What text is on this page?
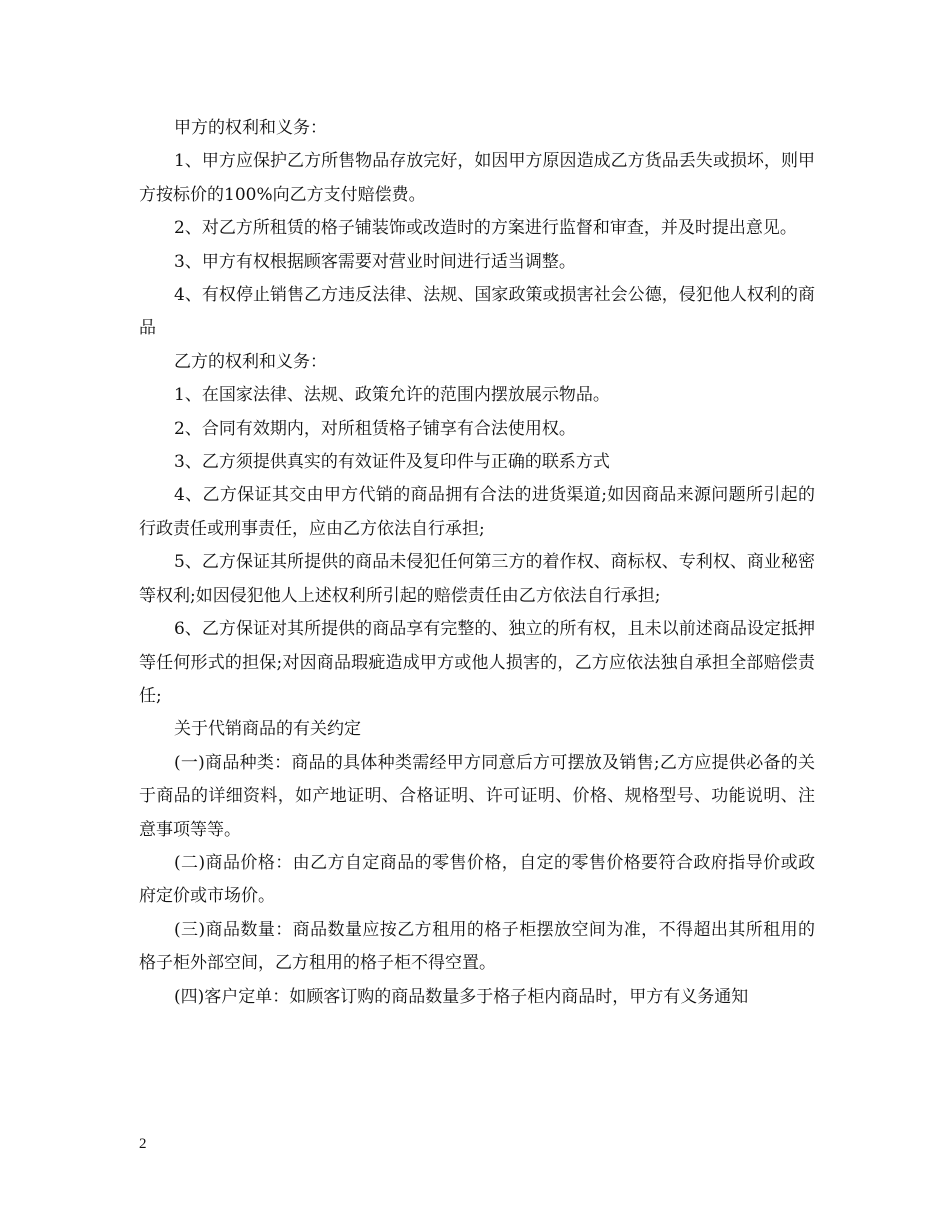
甲方的权利和义务：

1、甲方应保护乙方所售物品存放完好，如因甲方原因造成乙方货品丢失或损坏，则甲方按标价的100%向乙方支付赔偿费。

2、对乙方所租赁的格子铺装饰或改造时的方案进行监督和审查，并及时提出意见。

3、甲方有权根据顾客需要对营业时间进行适当调整。

4、有权停止销售乙方违反法律、法规、国家政策或损害社会公德，侵犯他人权利的商品

乙方的权利和义务：

1、在国家法律、法规、政策允许的范围内摆放展示物品。

2、合同有效期内，对所租赁格子铺享有合法使用权。

3、乙方须提供真实的有效证件及复印件与正确的联系方式

4、乙方保证其交由甲方代销的商品拥有合法的进货渠道;如因商品来源问题所引起的行政责任或刑事责任，应由乙方依法自行承担;

5、乙方保证其所提供的商品未侵犯任何第三方的着作权、商标权、专利权、商业秘密等权利;如因侵犯他人上述权利所引起的赔偿责任由乙方依法自行承担;

6、乙方保证对其所提供的商品享有完整的、独立的所有权，且未以前述商品设定抵押等任何形式的担保;对因商品瑕疵造成甲方或他人损害的，乙方应依法独自承担全部赔偿责任;

关于代销商品的有关约定

(一)商品种类：商品的具体种类需经甲方同意后方可摆放及销售;乙方应提供必备的关于商品的详细资料，如产地证明、合格证明、许可证明、价格、规格型号、功能说明、注意事项等等。

(二)商品价格：由乙方自定商品的零售价格，自定的零售价格要符合政府指导价或政府定价或市场价。

(三)商品数量：商品数量应按乙方租用的格子柜摆放空间为准，不得超出其所租用的格子柜外部空间，乙方租用的格子柜不得空置。

(四)客户定单：如顾客订购的商品数量多于格子柜内商品时，甲方有义务通知

2
